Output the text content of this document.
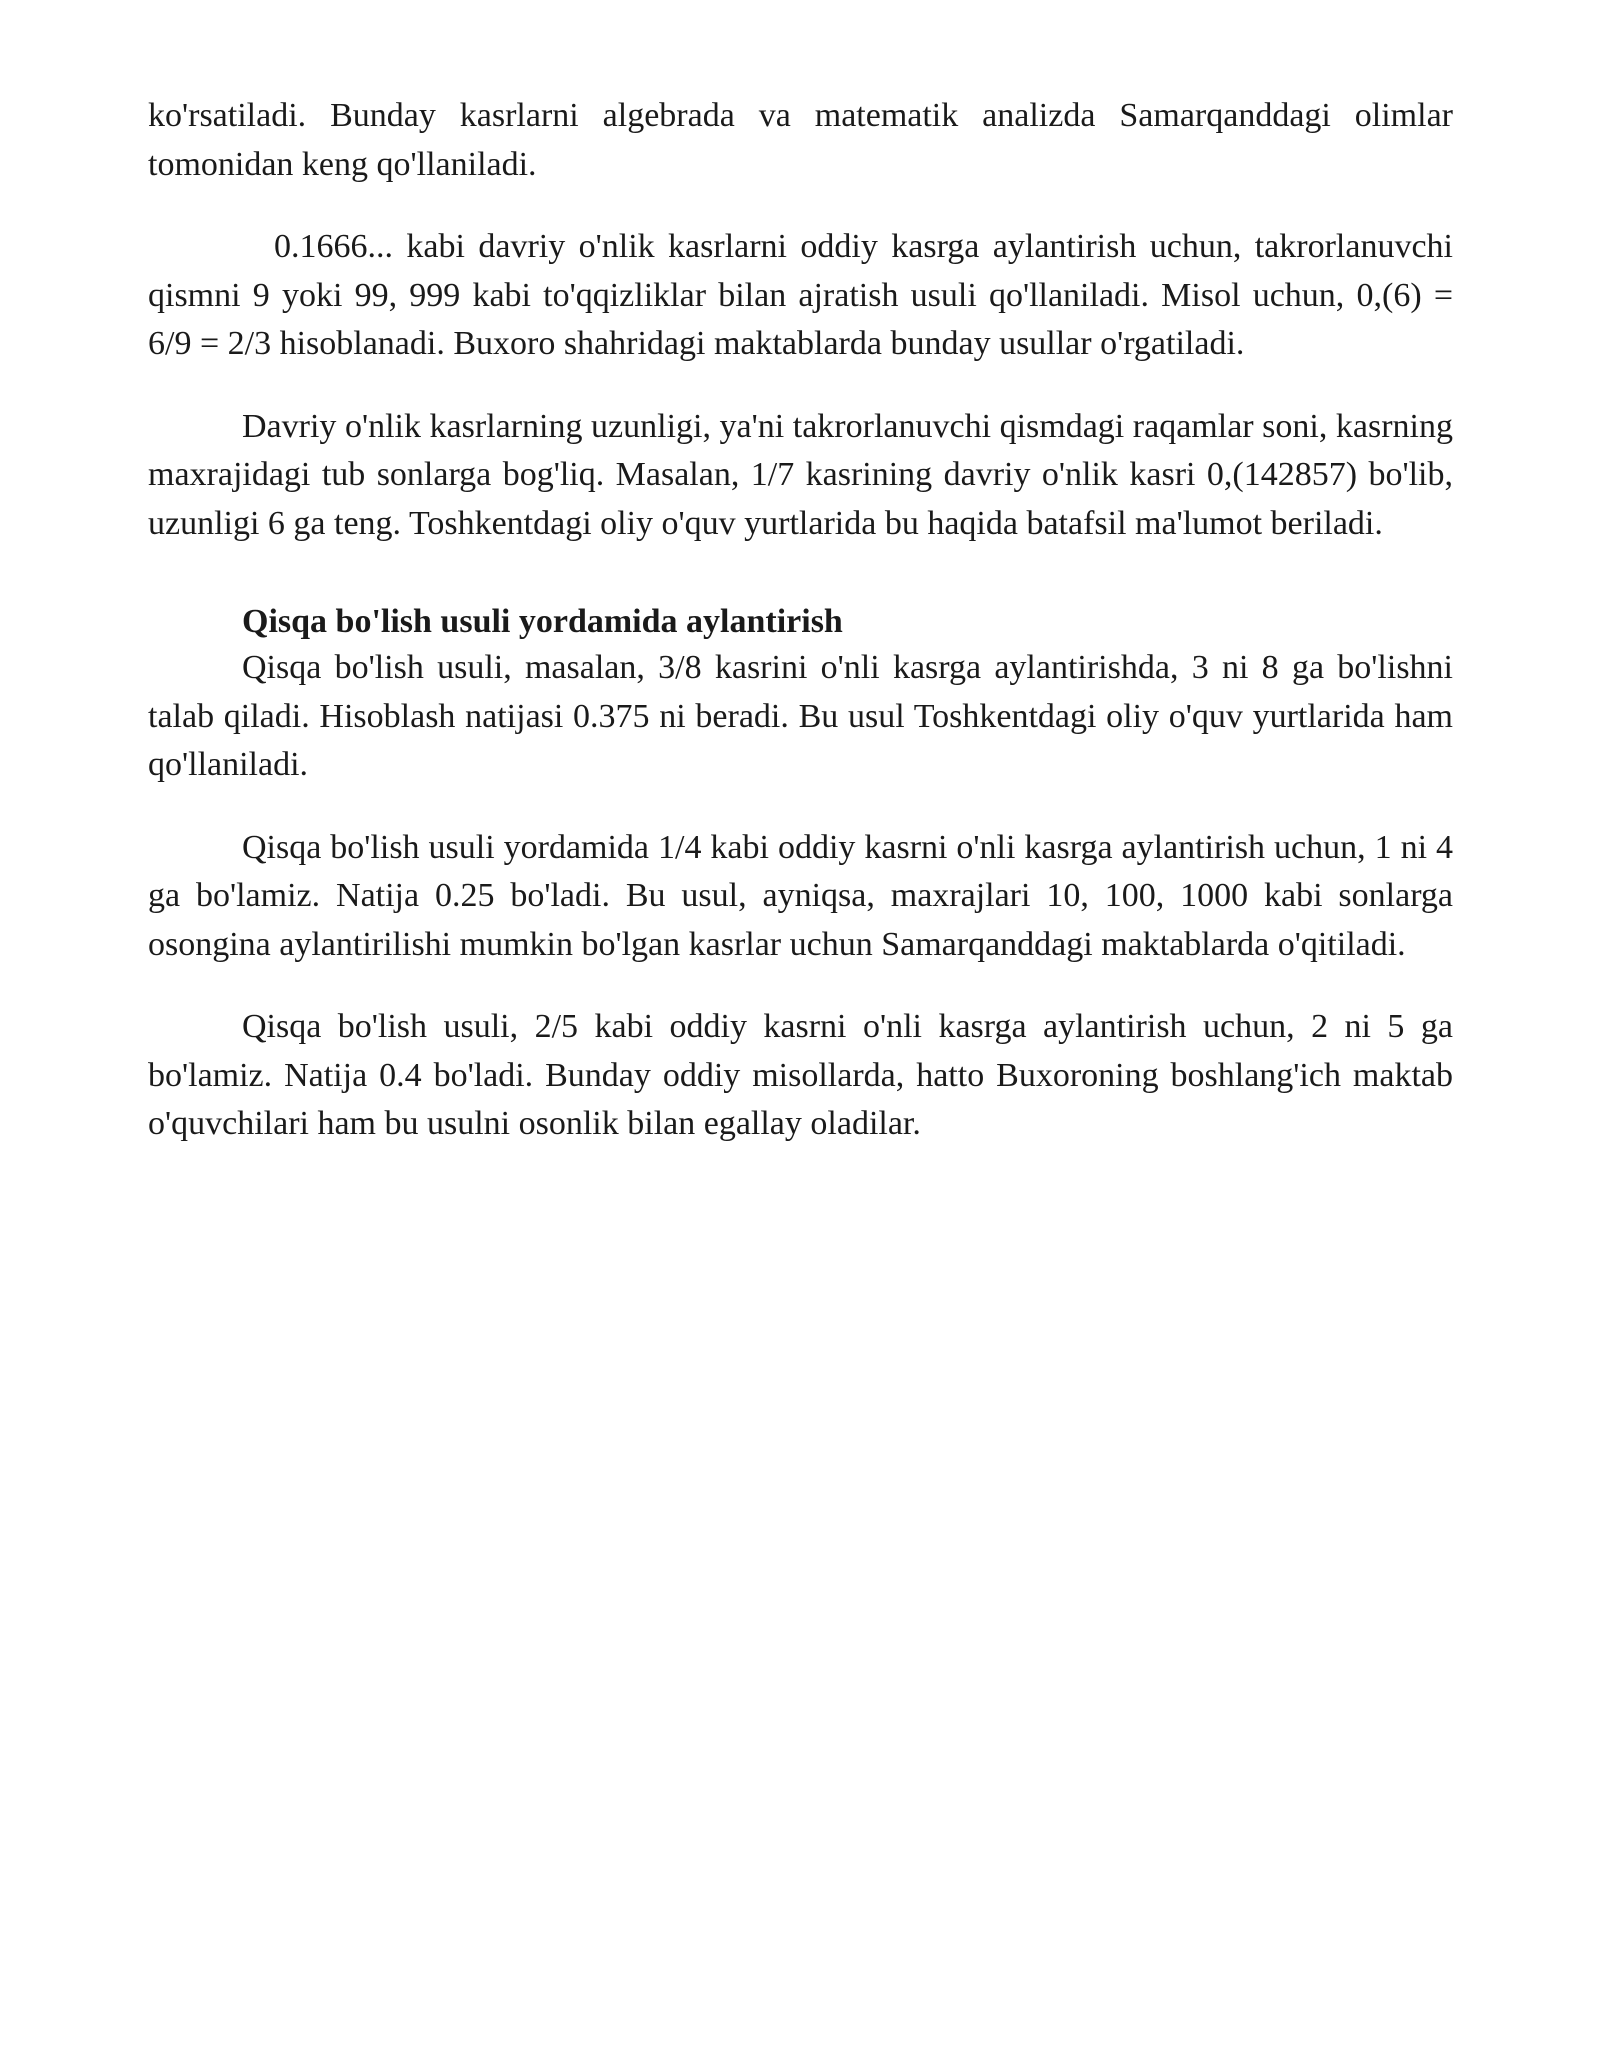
ko'rsatiladi. Bunday kasrlarni algebrada va matematik analizda Samarqanddagi olimlar tomonidan keng qo'llaniladi.

0.1666... kabi davriy o'nlik kasrlarni oddiy kasrga aylantirish uchun, takrorlanuvchi qismni 9 yoki 99, 999 kabi to'qqizliklar bilan ajratish usuli qo'llaniladi. Misol uchun, 0,(6) = 6/9 = 2/3 hisoblanadi. Buxoro shahridagi maktablarda bunday usullar o'rgatiladi.

Davriy o'nlik kasrlarning uzunligi, ya'ni takrorlanuvchi qismdagi raqamlar soni, kasrning maxrajidagi tub sonlarga bog'liq. Masalan, 1/7 kasrining davriy o'nlik kasri 0,(142857) bo'lib, uzunligi 6 ga teng. Toshkentdagi oliy o'quv yurtlarida bu haqida batafsil ma'lumot beriladi.

Qisqa bo'lish usuli yordamida aylantirish

Qisqa bo'lish usuli, masalan, 3/8 kasrini o'nli kasrga aylantirishda, 3 ni 8 ga bo'lishni talab qiladi. Hisoblash natijasi 0.375 ni beradi. Bu usul Toshkentdagi oliy o'quv yurtlarida ham qo'llaniladi.

Qisqa bo'lish usuli yordamida 1/4 kabi oddiy kasrni o'nli kasrga aylantirish uchun, 1 ni 4 ga bo'lamiz. Natija 0.25 bo'ladi. Bu usul, ayniqsa, maxrajlari 10, 100, 1000 kabi sonlarga osongina aylantirilishi mumkin bo'lgan kasrlar uchun Samarqanddagi maktablarda o'qitiladi.

Qisqa bo'lish usuli, 2/5 kabi oddiy kasrni o'nli kasrga aylantirish uchun, 2 ni 5 ga bo'lamiz. Natija 0.4 bo'ladi. Bunday oddiy misollarda, hatto Buxoroning boshlang'ich maktab o'quvchilari ham bu usulni osonlik bilan egallay oladilar.
